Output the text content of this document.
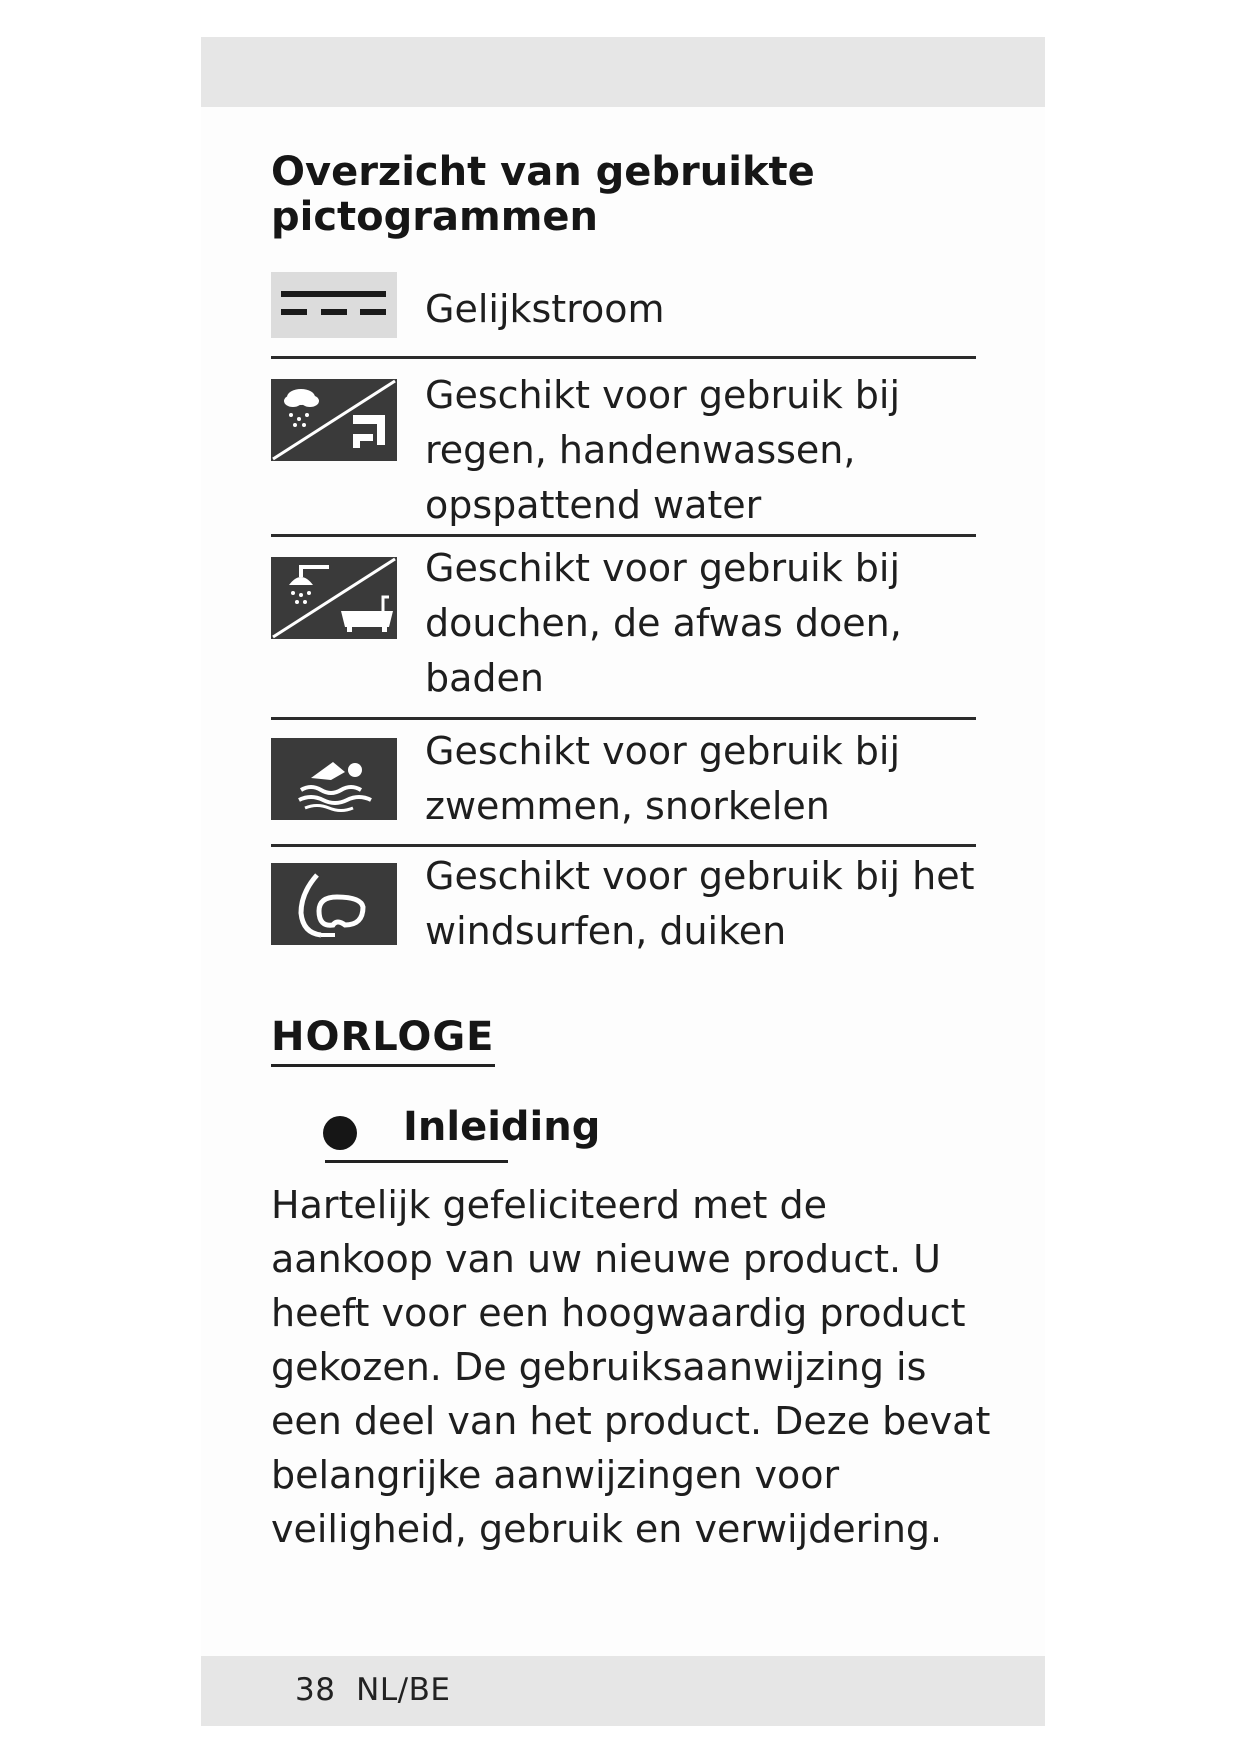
Overzicht van gebruikte pictogrammen
Gelijkstroom
Geschikt voor gebruik bij regen, handenwassen, opspattend water
Geschikt voor gebruik bij douchen, de afwas doen, baden
Geschikt voor gebruik bij zwemmen, snorkelen
Geschikt voor gebruik bij het windsurfen, duiken
HORLOGE
Inleiding
Hartelijk gefeliciteerd met de aankoop van uw nieuwe product. U heeft voor een hoogwaardig product gekozen. De gebruiksaanwijzing is een deel van het product. Deze bevat belangrijke aanwijzingen voor veiligheid, gebruik en verwijdering.
38 NL/BE
